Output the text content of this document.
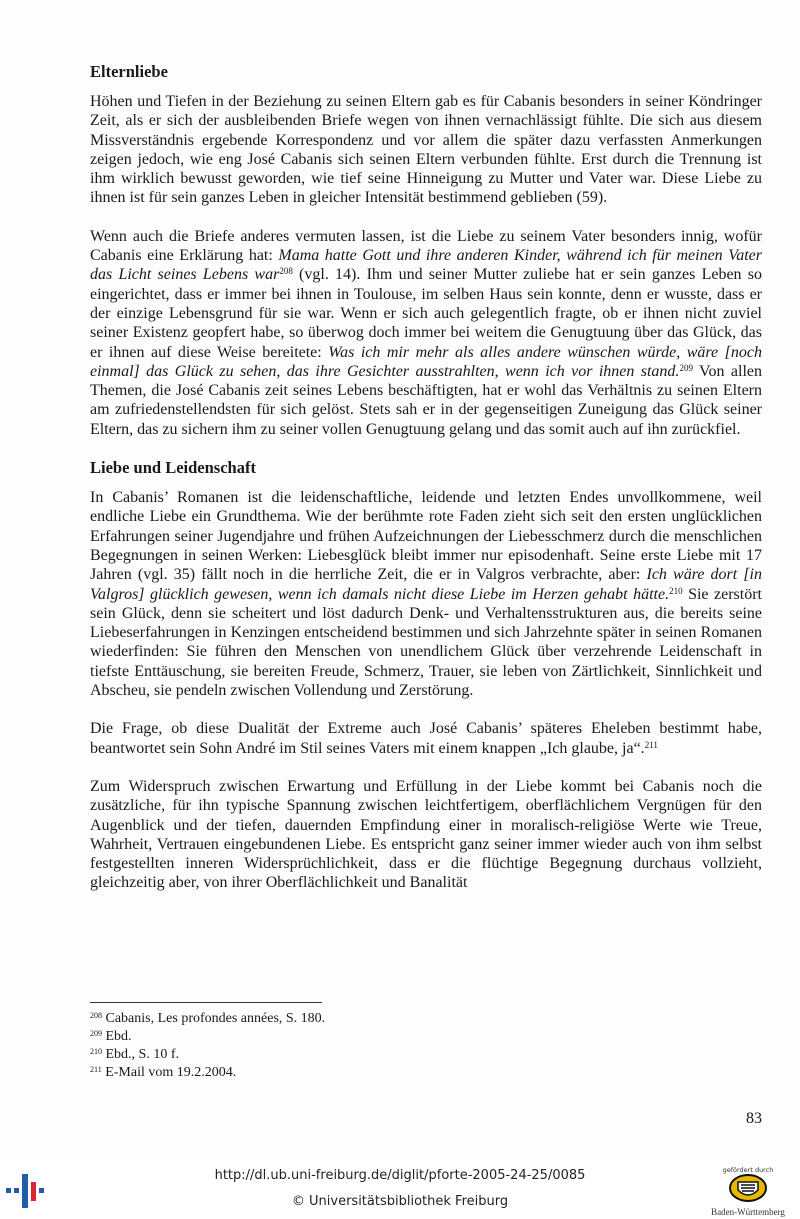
Elternliebe

Höhen und Tiefen in der Beziehung zu seinen Eltern gab es für Cabanis besonders in seiner Köndringer Zeit, als er sich der ausbleibenden Briefe wegen von ihnen vernachlässigt fühlte. Die sich aus diesem Missverständnis ergebende Korrespondenz und vor allem die später dazu verfassten Anmerkungen zeigen jedoch, wie eng José Cabanis sich seinen Eltern verbunden fühlte. Erst durch die Trennung ist ihm wirklich bewusst geworden, wie tief seine Hinneigung zu Mutter und Vater war. Diese Liebe zu ihnen ist für sein ganzes Leben in gleicher Intensität bestimmend geblieben (59).

Wenn auch die Briefe anderes vermuten lassen, ist die Liebe zu seinem Vater besonders innig, wofür Cabanis eine Erklärung hat: Mama hatte Gott und ihre anderen Kinder, während ich für meinen Vater das Licht seines Lebens war$^{208}$ (vgl. 14). Ihm und seiner Mutter zuliebe hat er sein ganzes Leben so eingerichtet, dass er immer bei ihnen in Toulouse, im selben Haus sein konnte, denn er wusste, dass er der einzige Lebensgrund für sie war. Wenn er sich auch gelegentlich fragte, ob er ihnen nicht zuviel seiner Existenz geopfert habe, so überwog doch immer bei weitem die Genugtuung über das Glück, das er ihnen auf diese Weise bereitete: Was ich mir mehr als alles andere wünschen würde, wäre [noch einmal] das Glück zu sehen, das ihre Gesichter ausstrahlten, wenn ich vor ihnen stand.$^{209}$ Von allen Themen, die José Cabanis zeit seines Lebens beschäftigten, hat er wohl das Verhältnis zu seinen Eltern am zufriedenstellendsten für sich gelöst. Stets sah er in der gegenseitigen Zuneigung das Glück seiner Eltern, das zu sichern ihm zu seiner vollen Genugtuung gelang und das somit auch auf ihn zurückfiel.

Liebe und Leidenschaft

In Cabanis’ Romanen ist die leidenschaftliche, leidende und letzten Endes unvollkommene, weil endliche Liebe ein Grundthema. Wie der berühmte rote Faden zieht sich seit den ersten unglücklichen Erfahrungen seiner Jugendjahre und frühen Aufzeichnungen der Liebesschmerz durch die menschlichen Begegnungen in seinen Werken: Liebesglück bleibt immer nur episodenhaft. Seine erste Liebe mit 17 Jahren (vgl. 35) fällt noch in die herrliche Zeit, die er in Valgros verbrachte, aber: Ich wäre dort [in Valgros] glücklich gewesen, wenn ich damals nicht diese Liebe im Herzen gehabt hätte.$^{210}$ Sie zerstört sein Glück, denn sie scheitert und löst dadurch Denk- und Verhaltensstrukturen aus, die bereits seine Liebeserfahrungen in Kenzingen entscheidend bestimmen und sich Jahrzehnte später in seinen Romanen wiederfinden: Sie führen den Menschen von unendlichem Glück über verzehrende Leidenschaft in tiefste Enttäuschung, sie bereiten Freude, Schmerz, Trauer, sie leben von Zärtlichkeit, Sinnlichkeit und Abscheu, sie pendeln zwischen Vollendung und Zerstörung.

Die Frage, ob diese Dualität der Extreme auch José Cabanis’ späteres Eheleben bestimmt habe, beantwortet sein Sohn André im Stil seines Vaters mit einem knappen „Ich glaube, ja“.$^{211}$

Zum Widerspruch zwischen Erwartung und Erfüllung in der Liebe kommt bei Cabanis noch die zusätzliche, für ihn typische Spannung zwischen leichtfertigem, oberflächlichem Vergnügen für den Augenblick und der tiefen, dauernden Empfindung einer in moralisch-religiöse Werte wie Treue, Wahrheit, Vertrauen eingebundenen Liebe. Es entspricht ganz seiner immer wieder auch von ihm selbst festgestellten inneren Widersprüchlichkeit, dass er die flüchtige Begegnung durchaus vollzieht, gleichzeitig aber, von ihrer Oberflächlichkeit und Banalität

$^{208}$ Cabanis, Les profondes années, S. 180.
$^{209}$ Ebd.
$^{210}$ Ebd., S. 10 f.
$^{211}$ E-Mail vom 19.2.2004.
83
http://dl.ub.uni-freiburg.de/diglit/pforte-2005-24-25/0085
© Universitätsbibliothek Freiburg
gefördert durch
Baden-Württemberg
